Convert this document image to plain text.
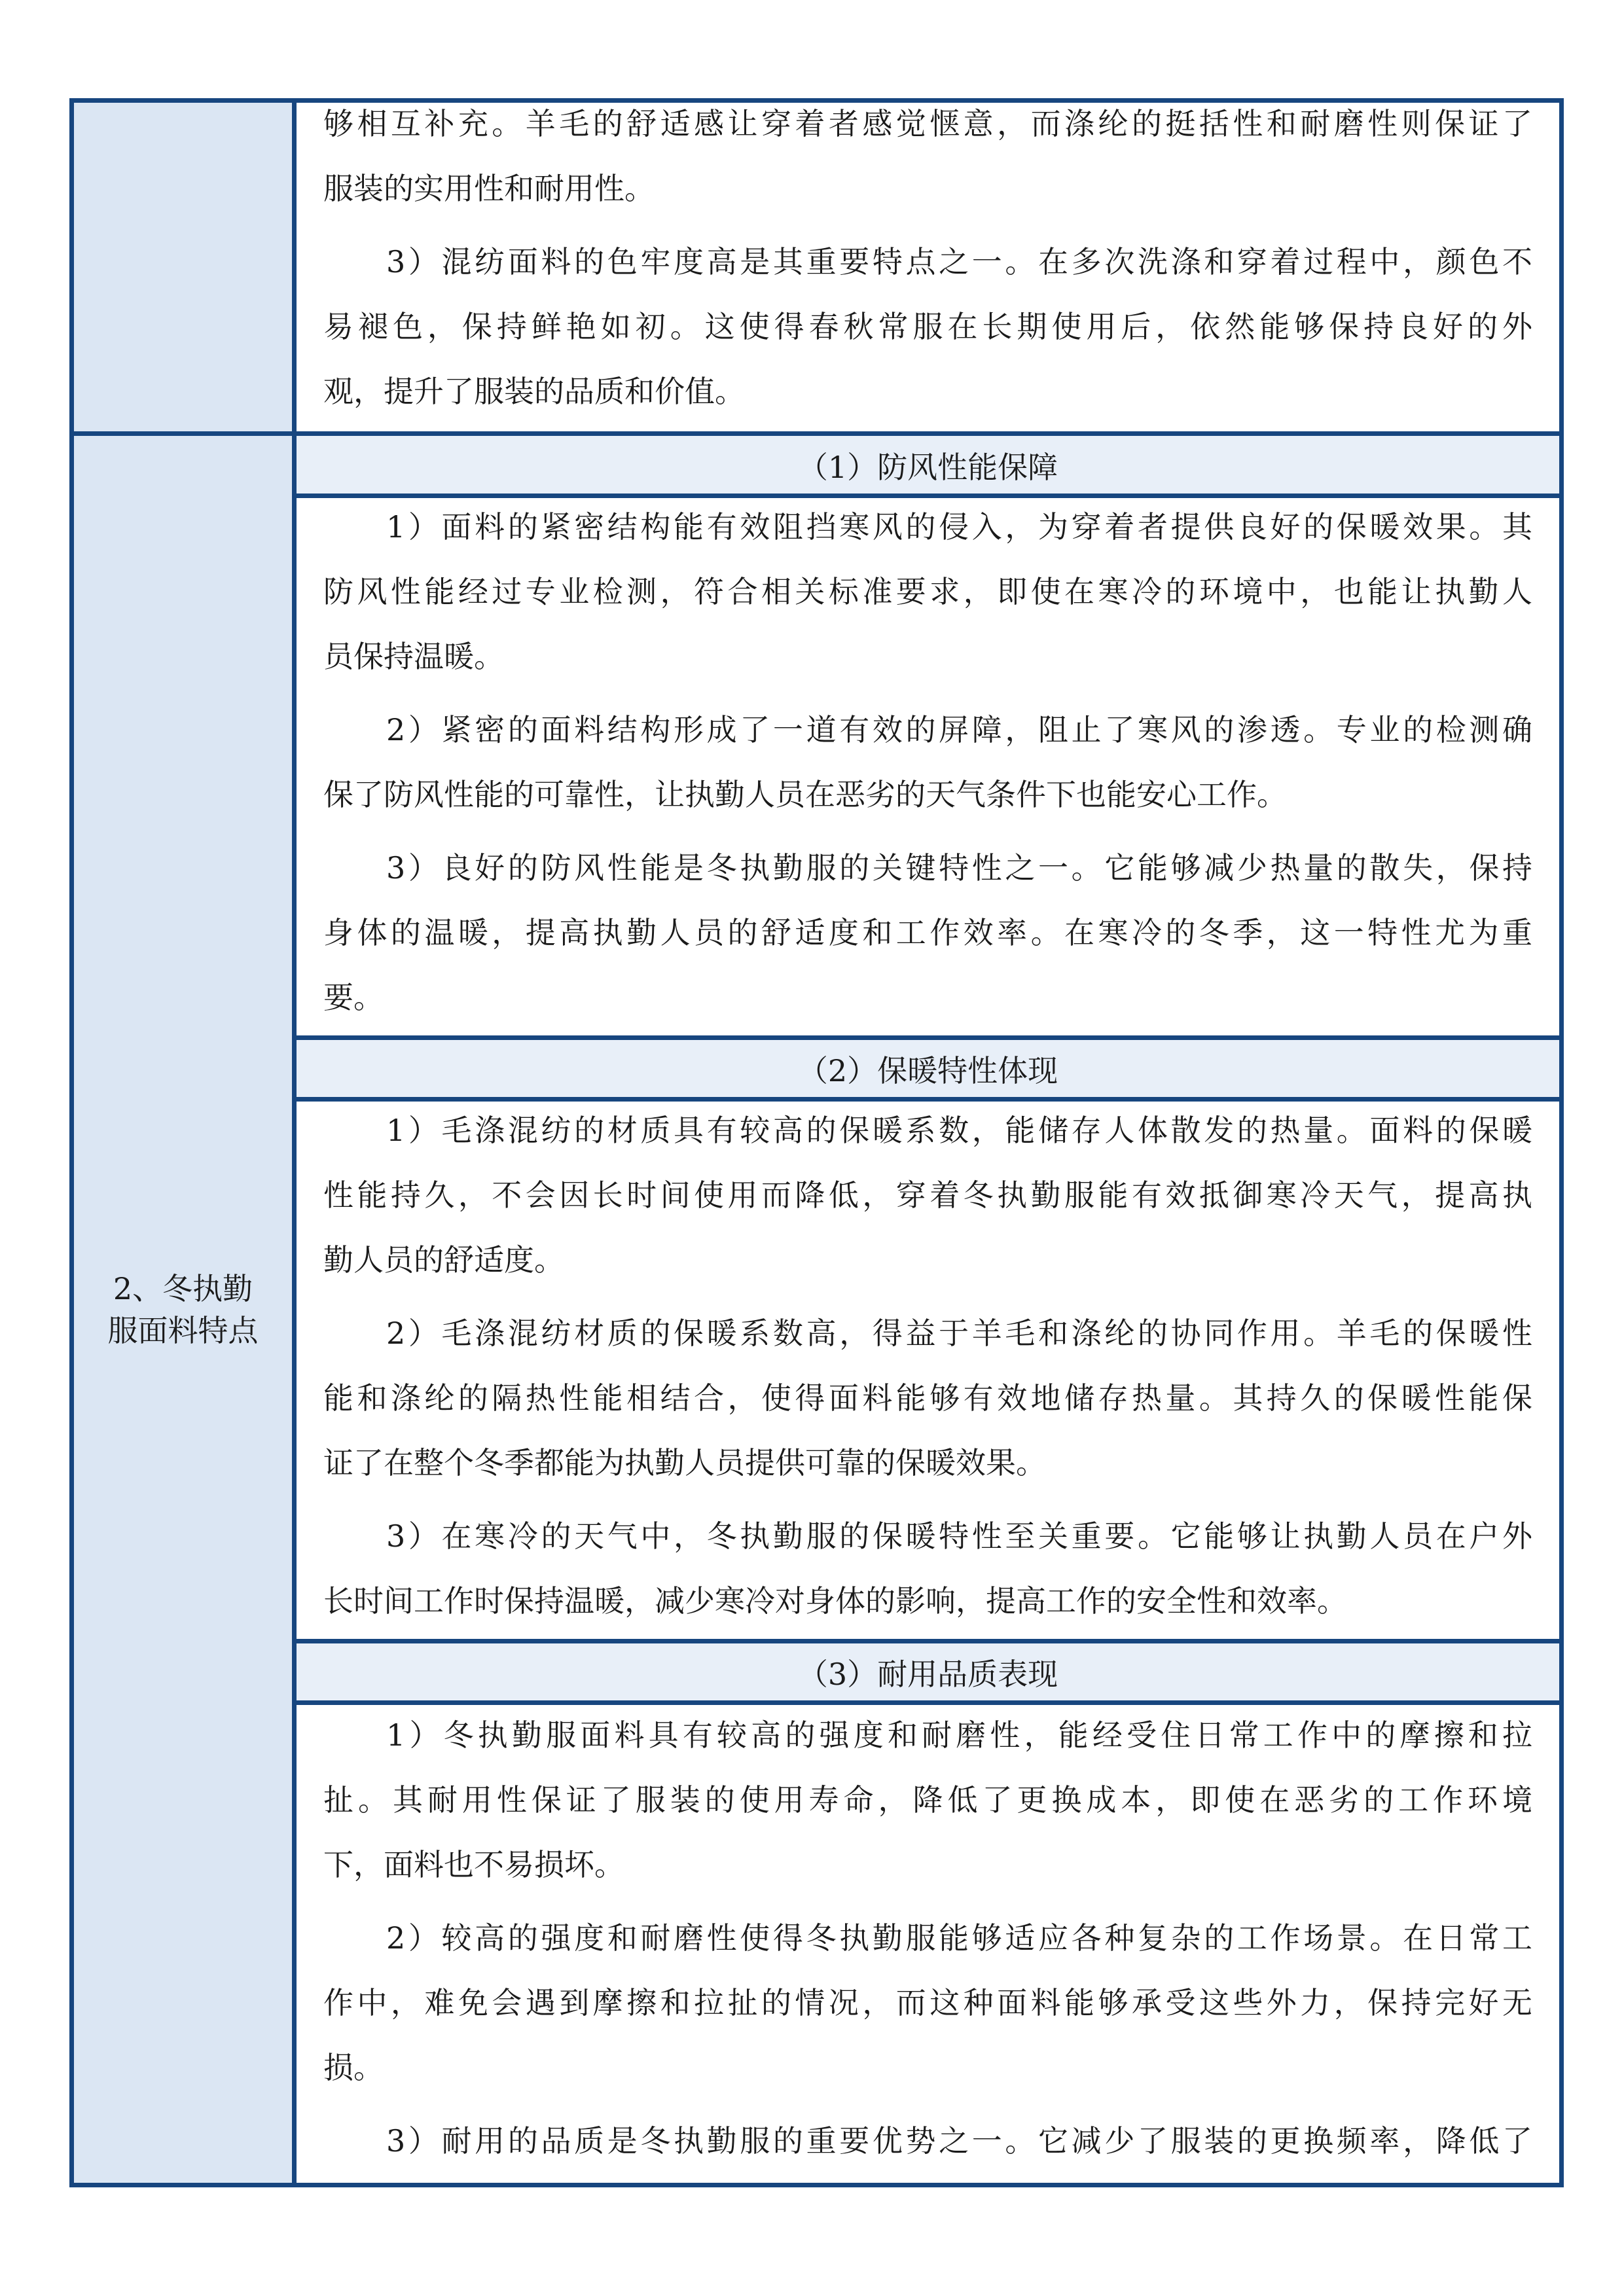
够相互补充。羊毛的舒适感让穿着者感觉惬意，而涤纶的挺括性和耐磨性则保证了
服装的实用性和耐用性。
3）混纺面料的色牢度高是其重要特点之一。在多次洗涤和穿着过程中，颜色不
易褪色，保持鲜艳如初。这使得春秋常服在长期使用后，依然能够保持良好的外
观，提升了服装的品质和价值。
2、冬执勤
服面料特点
（1）防风性能保障
1）面料的紧密结构能有效阻挡寒风的侵入，为穿着者提供良好的保暖效果。其
防风性能经过专业检测，符合相关标准要求，即使在寒冷的环境中，也能让执勤人
员保持温暖。
2）紧密的面料结构形成了一道有效的屏障，阻止了寒风的渗透。专业的检测确
保了防风性能的可靠性，让执勤人员在恶劣的天气条件下也能安心工作。
3）良好的防风性能是冬执勤服的关键特性之一。它能够减少热量的散失，保持
身体的温暖，提高执勤人员的舒适度和工作效率。在寒冷的冬季，这一特性尤为重
要。
（2）保暖特性体现
1）毛涤混纺的材质具有较高的保暖系数，能储存人体散发的热量。面料的保暖
性能持久，不会因长时间使用而降低，穿着冬执勤服能有效抵御寒冷天气，提高执
勤人员的舒适度。
2）毛涤混纺材质的保暖系数高，得益于羊毛和涤纶的协同作用。羊毛的保暖性
能和涤纶的隔热性能相结合，使得面料能够有效地储存热量。其持久的保暖性能保
证了在整个冬季都能为执勤人员提供可靠的保暖效果。
3）在寒冷的天气中，冬执勤服的保暖特性至关重要。它能够让执勤人员在户外
长时间工作时保持温暖，减少寒冷对身体的影响，提高工作的安全性和效率。
（3）耐用品质表现
1）冬执勤服面料具有较高的强度和耐磨性，能经受住日常工作中的摩擦和拉
扯。其耐用性保证了服装的使用寿命，降低了更换成本，即使在恶劣的工作环境
下，面料也不易损坏。
2）较高的强度和耐磨性使得冬执勤服能够适应各种复杂的工作场景。在日常工
作中，难免会遇到摩擦和拉扯的情况，而这种面料能够承受这些外力，保持完好无
损。
3）耐用的品质是冬执勤服的重要优势之一。它减少了服装的更换频率，降低了
